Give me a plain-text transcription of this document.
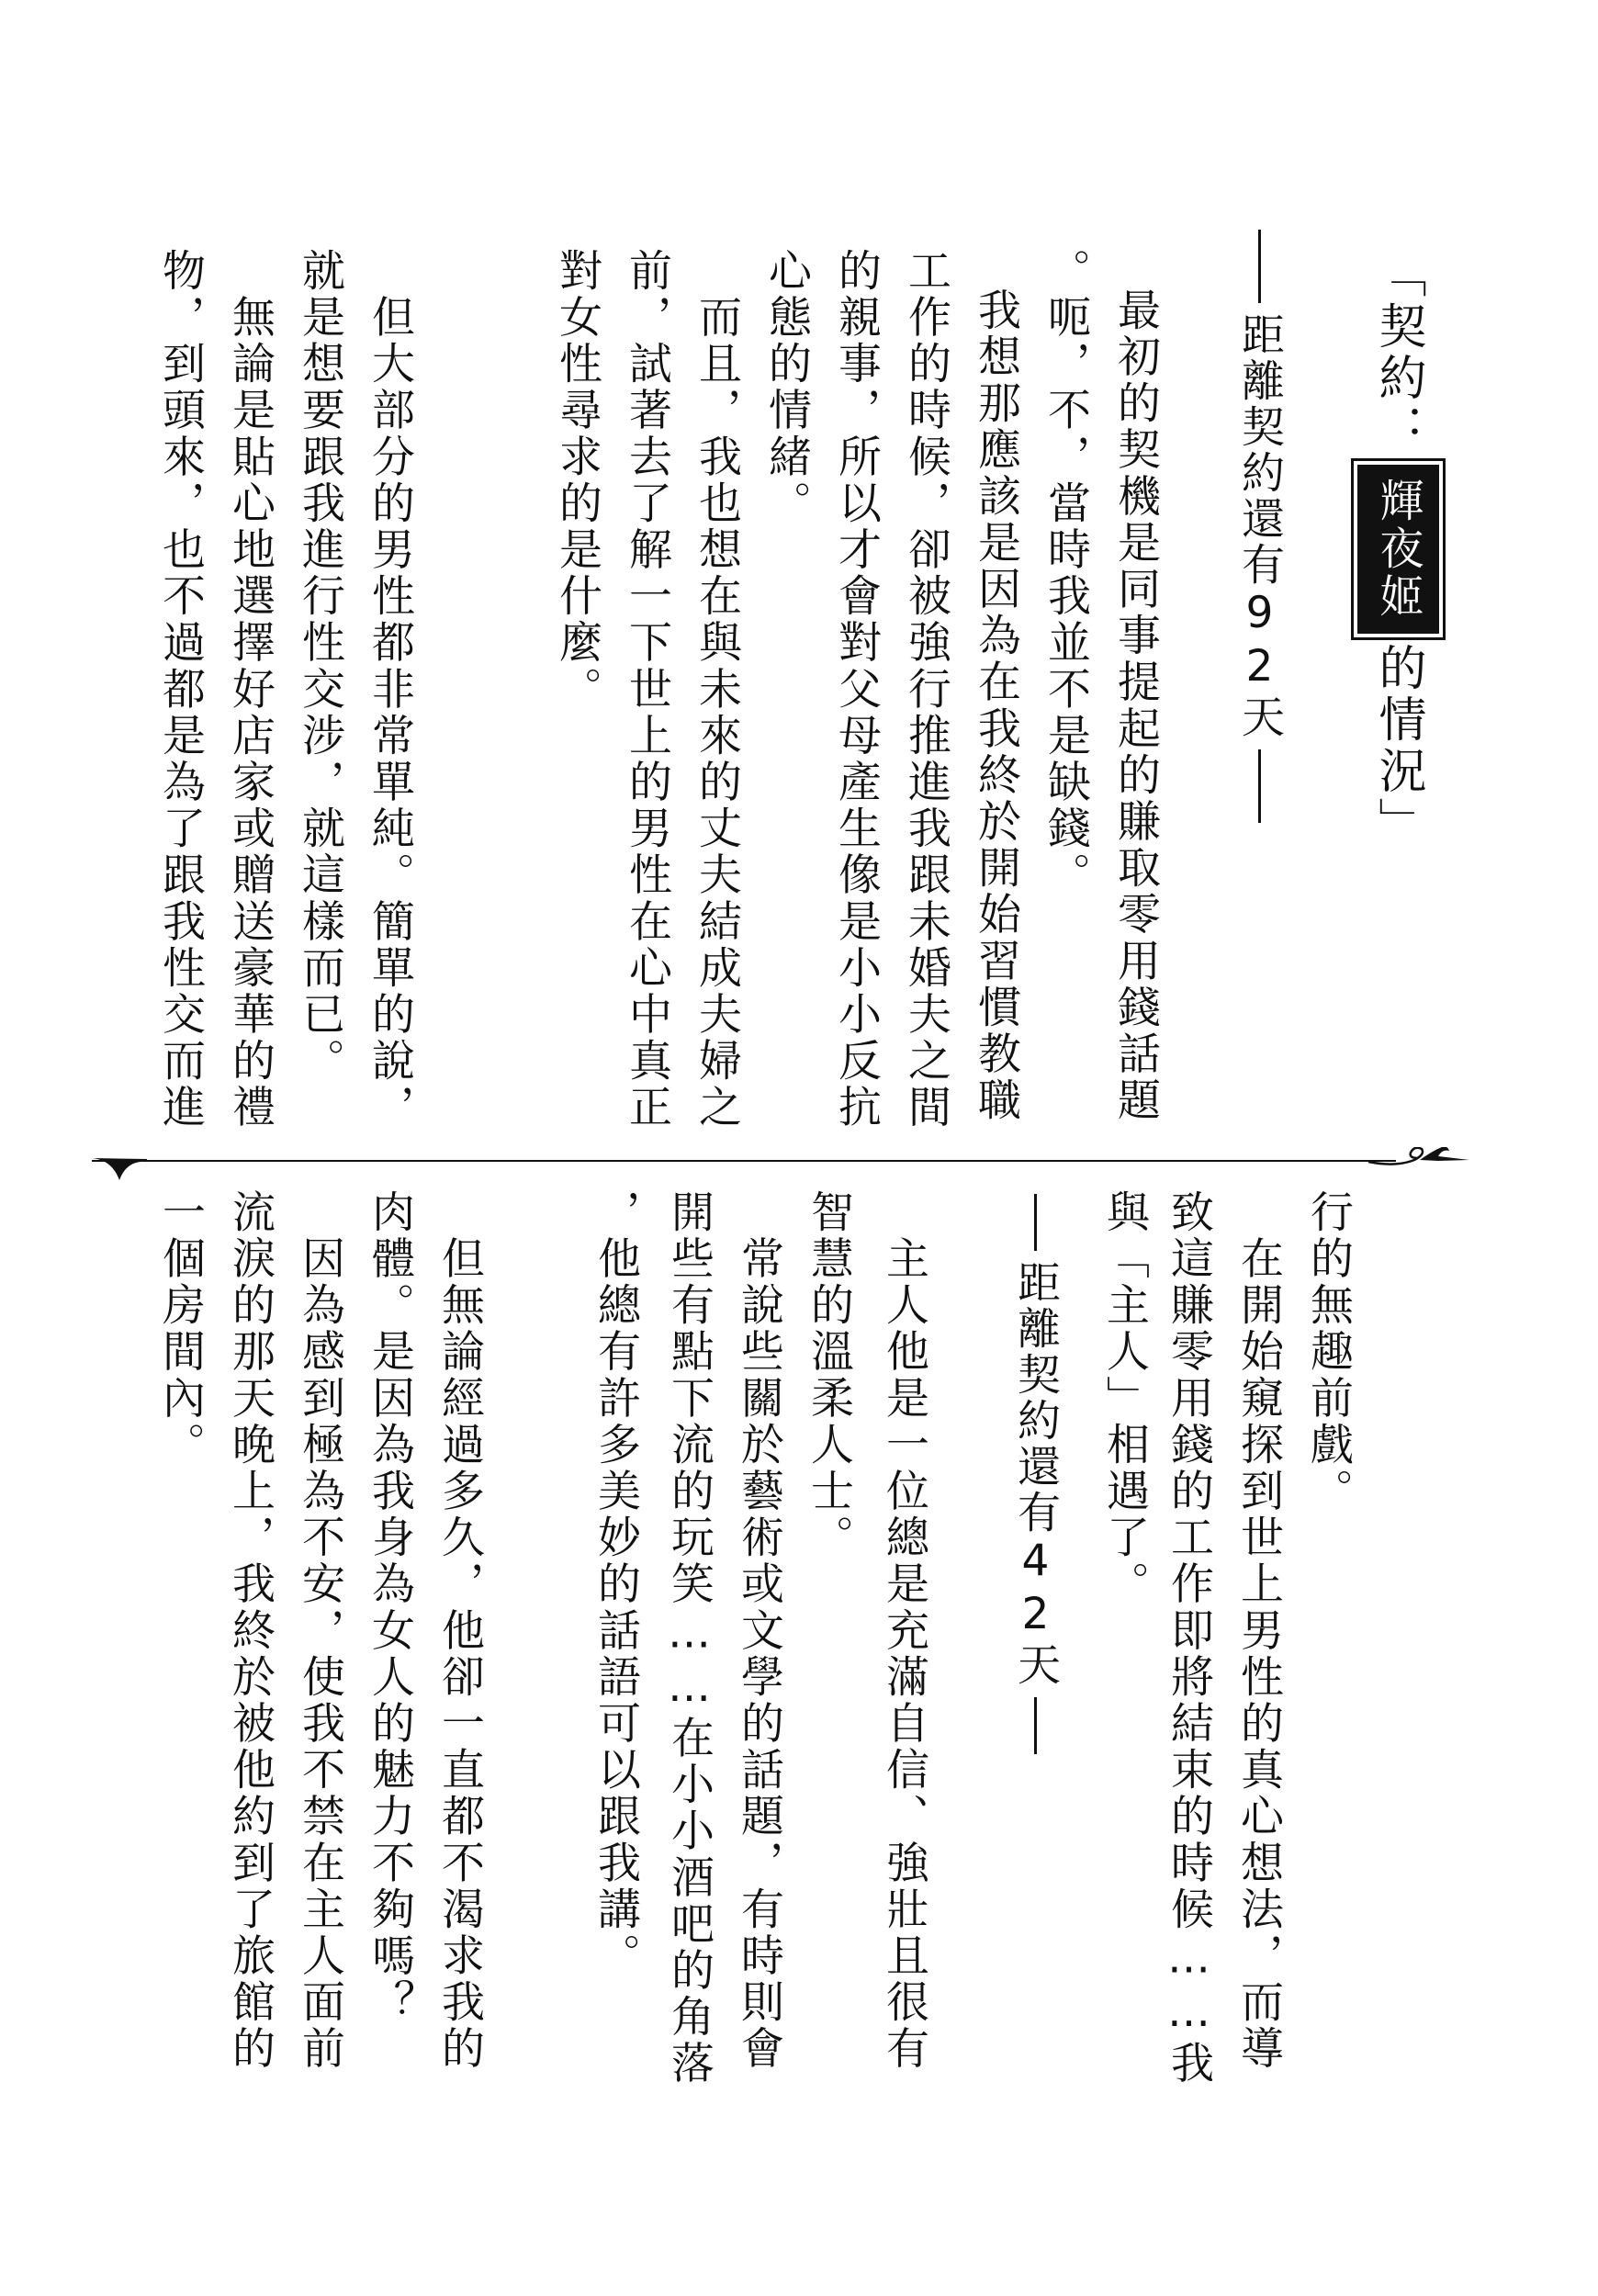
「契約：輝夜姬的情況」
距離契約還有92天
最初的契機是同事提起的賺取零用錢話題
。呃，不，當時我並不是缺錢。
我想那應該是因為在我終於開始習慣教職
工作的時候，卻被強行推進我跟未婚夫之間
的親事，所以才會對父母產生像是小小反抗
心態的情緒。
　而且，我也想在與未來的丈夫結成夫婦之
前，試著去了解一下世上的男性在心中真正
對女性尋求的是什麼。
　但大部分的男性都非常單純。簡單的說，
就是想要跟我進行性交涉，就這樣而已。
　無論是貼心地選擇好店家或贈送豪華的禮
物，到頭來，也不過都是為了跟我性交而進
行的無趣前戲。
　在開始窺探到世上男性的真心想法，而導
致這賺零用錢的工作即將結束的時候……我
與「主人」相遇了。
距離契約還有42天
　主人他是一位總是充滿自信、強壯且很有
智慧的溫柔人士。
　常說些關於藝術或文學的話題，有時則會
開些有點下流的玩笑……在小小酒吧的角落
，他總有許多美妙的話語可以跟我講。
　但無論經過多久，他卻一直都不渴求我的
肉體。是因為我身為女人的魅力不夠嗎？
　因為感到極為不安，使我不禁在主人面前
流淚的那天晚上，我終於被他約到了旅館的
一個房間內。
